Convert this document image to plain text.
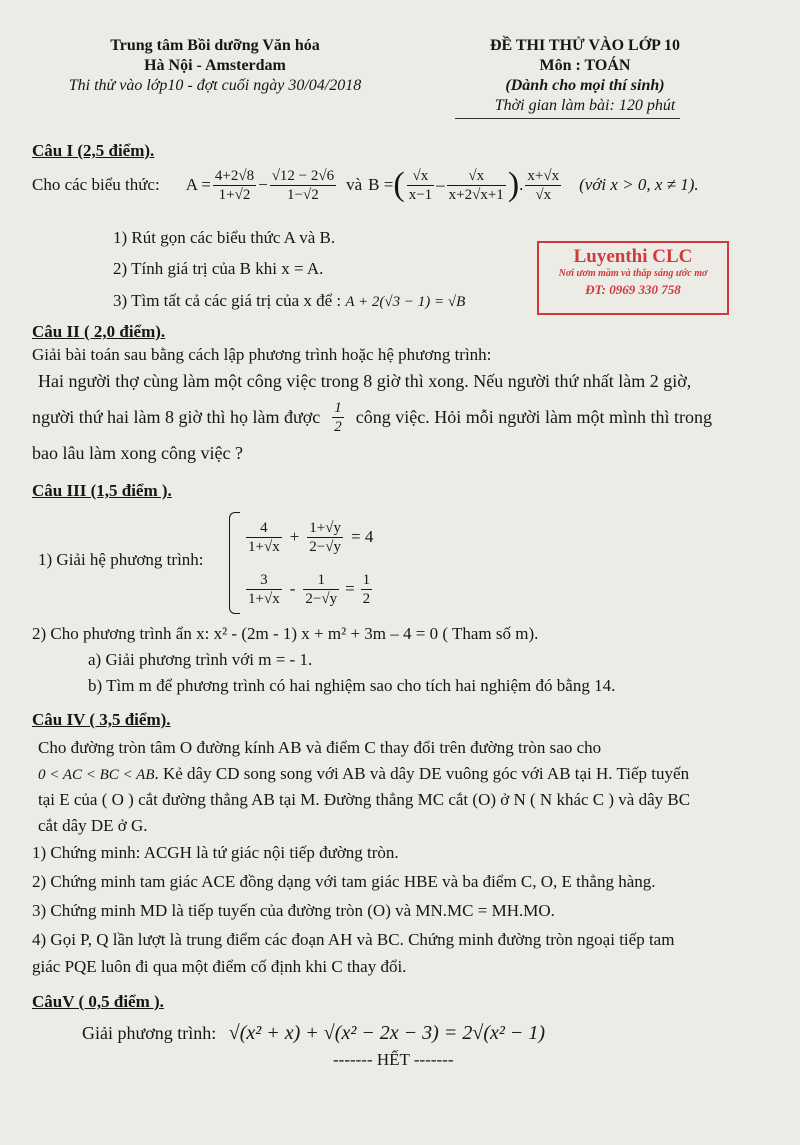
Trung tâm Bồi dưỡng Văn hóa
Hà Nội - Amsterdam
Thi thử vào lớp10 - đợt cuối ngày 30/04/2018
ĐỀ THI THỬ VÀO LỚP 10
Môn : TOÁN
(Dành cho mọi thí sinh)
Thời gian làm bài: 120 phút
Câu I (2,5 điểm).
Cho các biểu thức: $A = \frac{4+2√8}{1+√2} - \frac{√12 - 2√6}{1-√2}$ và B = ( $\frac{√x}{x-1} - \frac{√x}{x+2√x+1}$ ) . $\frac{x+√x}{√x}$ (với x > 0, x ≠ 1).
1) Rút gọn các biểu thức A và B.
2) Tính giá trị của B khi x = A.
3) Tìm tất cả các giá trị của x để : A + 2(√3 − 1) = √B
Luyenthi CLC
Nơi ươm mầm và thắp sáng ước mơ
ĐT: 0969 330 758
Câu II ( 2,0 điểm).
Giải bài toán sau bằng cách lập phương trình hoặc hệ phương trình:
Hai người thợ cùng làm một công việc trong 8 giờ thì xong. Nếu người thứ nhất làm 2 giờ,
người thứ hai làm 8 giờ thì họ làm được $\frac{1}{2}$ công việc. Hỏi mỗi người làm một mình thì trong
bao lâu làm xong công việc ?
Câu III (1,5 điểm ).
1) Giải hệ phương trình:
$\frac{4}{1+√x} + \frac{1+√y}{2-√y} = 4$
$\frac{3}{1+√x} - \frac{1}{2-√y} = \frac{1}{2}$
2) Cho phương trình ẩn x: x² - (2m - 1) x + m² + 3m – 4 = 0 ( Tham số m).
a) Giải phương trình với m = - 1.
b) Tìm m để phương trình có hai nghiệm sao cho tích hai nghiệm đó bằng 14.
Câu IV ( 3,5 điểm).
Cho đường tròn tâm O đường kính AB và điểm C thay đổi trên đường tròn sao cho
0 < AC < BC < AB. Kẻ dây CD song song với AB và dây DE vuông góc với AB tại H. Tiếp tuyến
tại E của ( O ) cắt đường thẳng AB tại M. Đường thẳng MC cắt (O) ở N ( N khác C ) và dây BC
cắt dây DE ở G.
1) Chứng minh: ACGH là tứ giác nội tiếp đường tròn.
2) Chứng minh tam giác ACE đồng dạng với tam giác HBE và ba điểm C, O, E thẳng hàng.
3) Chứng minh MD là tiếp tuyến của đường tròn (O) và MN.MC = MH.MO.
4) Gọi P, Q lần lượt là trung điểm các đoạn AH và BC. Chứng minh đường tròn ngoại tiếp tam
giác PQE luôn đi qua một điểm cố định khi C thay đổi.
CâuV ( 0,5 điểm ).
Giải phương trình: √(x² + x) + √(x² − 2x − 3) = 2√(x² − 1)
------- HẾT -------
